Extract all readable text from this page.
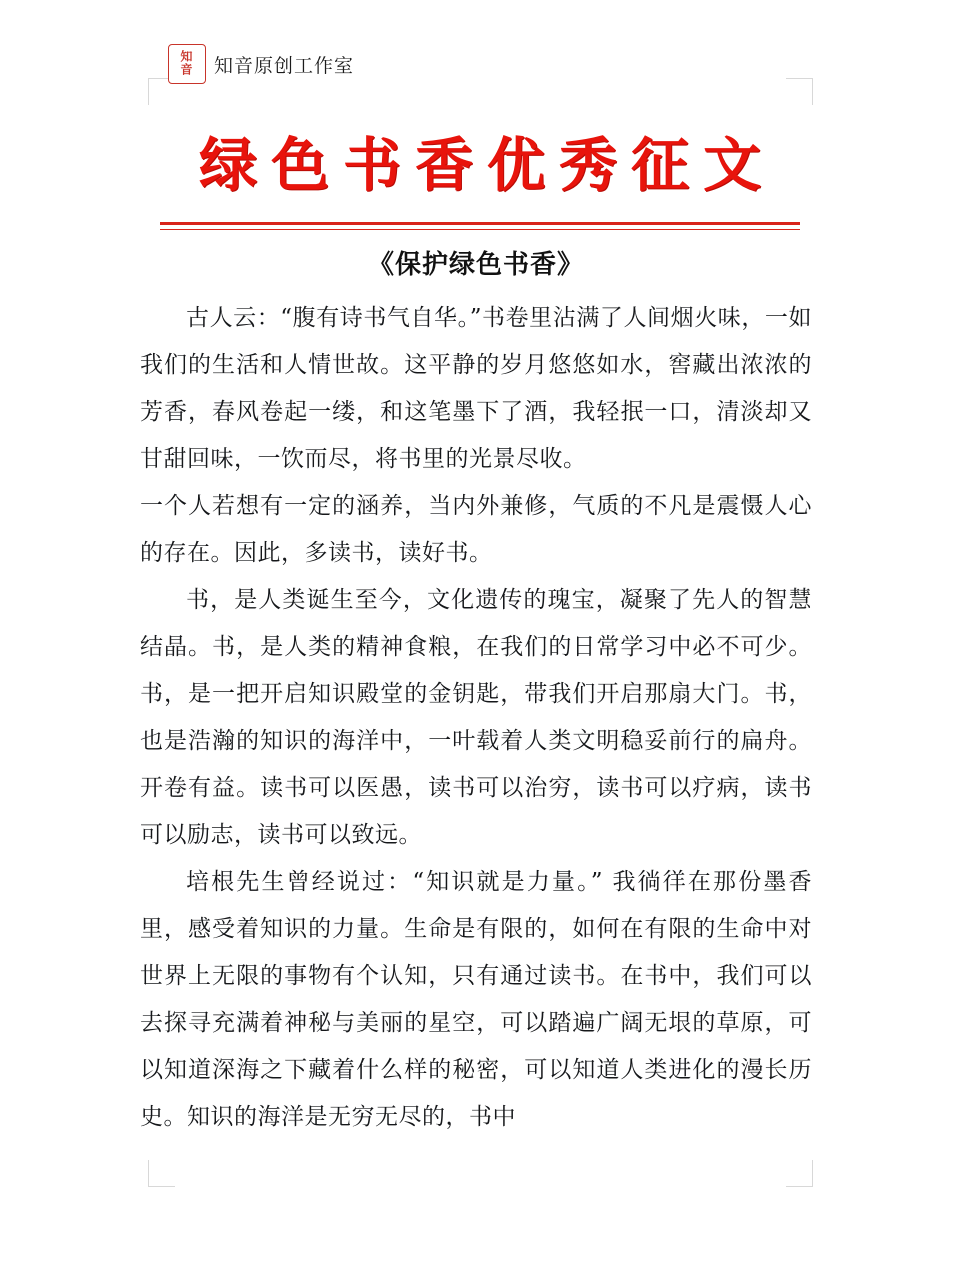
知
音 知音原创工作室
绿色书香优秀征文
《保护绿色书香》

古人云：“腹有诗书气自华。”书卷里沾满了人间烟火味，一如我们的生活和人情世故。这平静的岁月悠悠如水，窖藏出浓浓的芳香，春风卷起一缕，和这笔墨下了酒，我轻抿一口，清淡却又甘甜回味，一饮而尽，将书里的光景尽收。

一个人若想有一定的涵养，当内外兼修，气质的不凡是震慑人心的存在。因此，多读书，读好书。

书，是人类诞生至今，文化遗传的瑰宝，凝聚了先人的智慧结晶。书，是人类的精神食粮，在我们的日常学习中必不可少。书，是一把开启知识殿堂的金钥匙，带我们开启那扇大门。书，也是浩瀚的知识的海洋中，一叶载着人类文明稳妥前行的扁舟。开卷有益。读书可以医愚，读书可以治穷，读书可以疗病，读书可以励志，读书可以致远。

培根先生曾经说过：“知识就是力量。” 我徜徉在那份墨香里，感受着知识的力量。生命是有限的，如何在有限的生命中对世界上无限的事物有个认知，只有通过读书。在书中，我们可以去探寻充满着神秘与美丽的星空，可以踏遍广阔无垠的草原，可以知道深海之下藏着什么样的秘密，可以知道人类进化的漫长历史。知识的海洋是无穷无尽的，书中
